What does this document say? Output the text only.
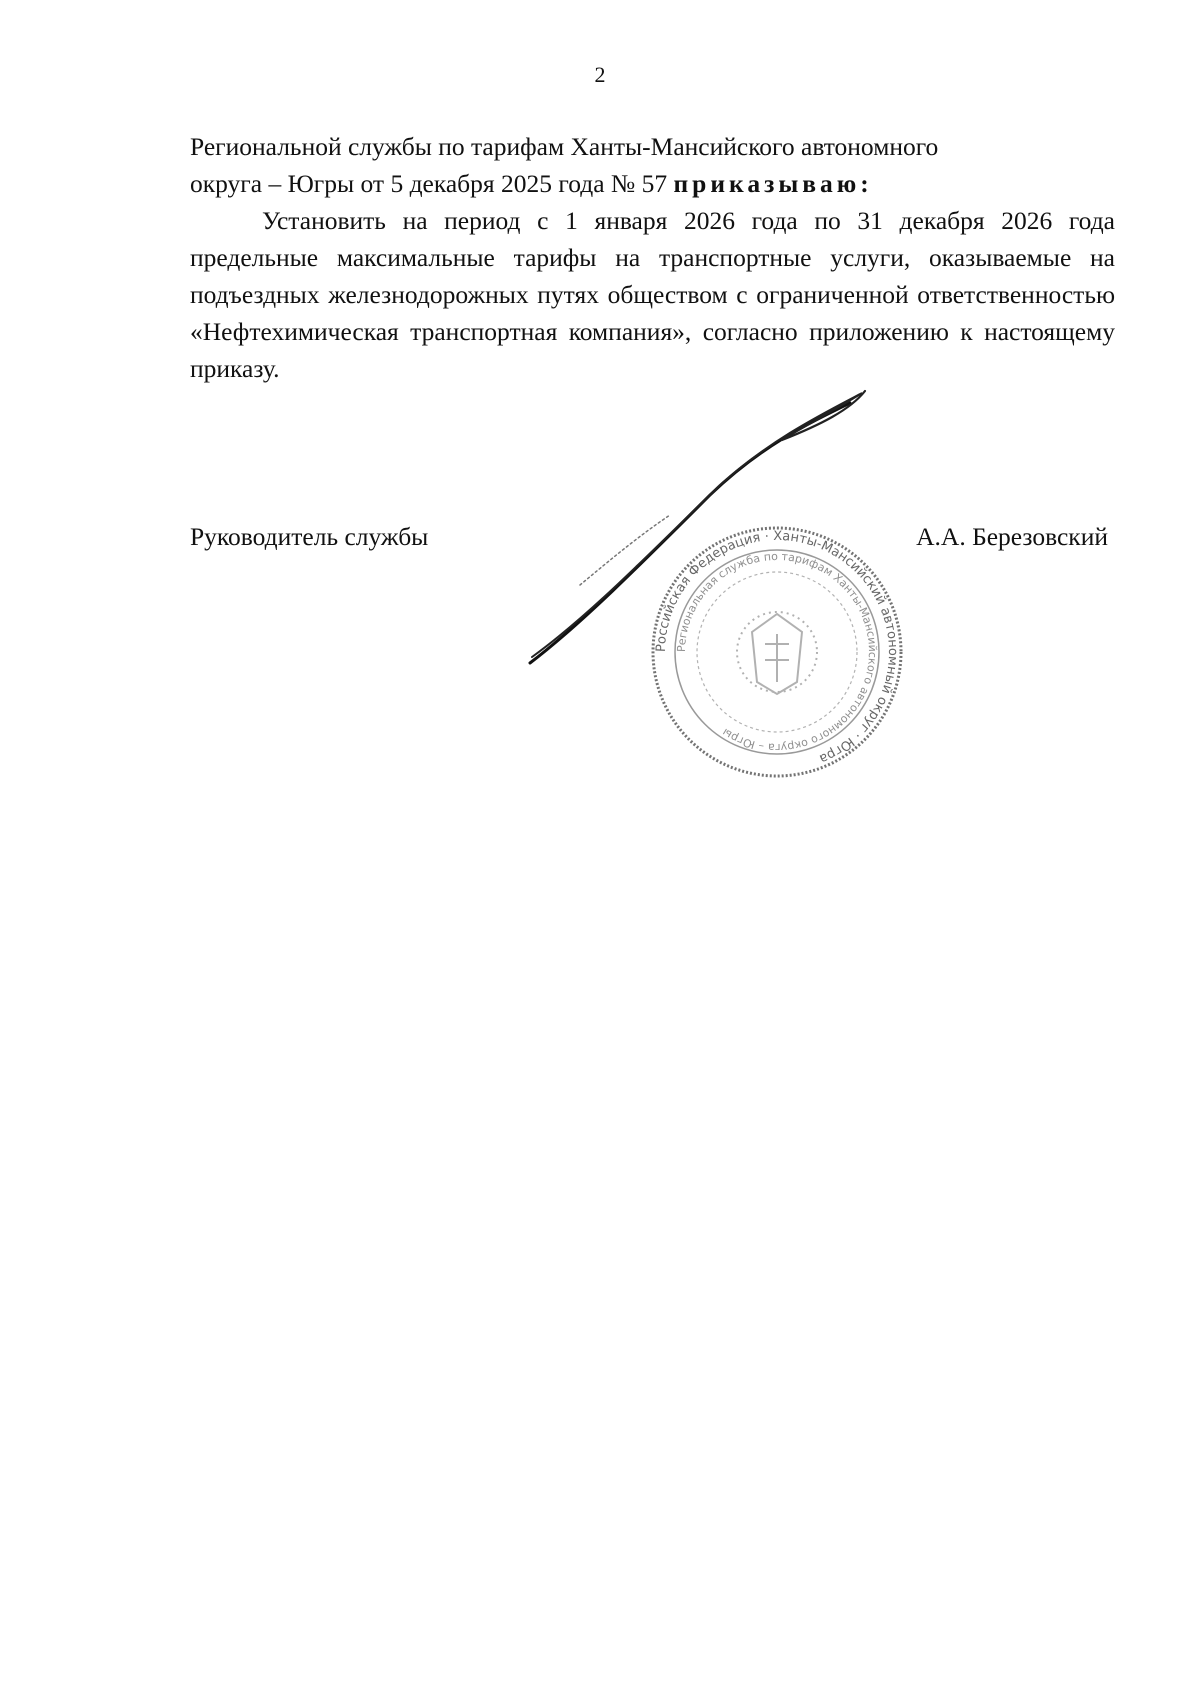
2

Региональной службы по тарифам Ханты-Мансийского автономного
округа – Югры от 5 декабря 2025 года № 57 приказываю:

Установить на период с 1 января 2026 года по 31 декабря 2026 года предельные максимальные тарифы на транспортные услуги, оказываемые на подъездных железнодорожных путях обществом с ограниченной ответственностью «Нефтехимическая транспортная компания», согласно приложению к настоящему приказу.

Руководитель службы	А.А. Березовский
Российская Федерация · Ханты-Мансийский автономный округ · Югра
Региональная служба по тарифам Ханты-Мансийского автономного округа – Югры
